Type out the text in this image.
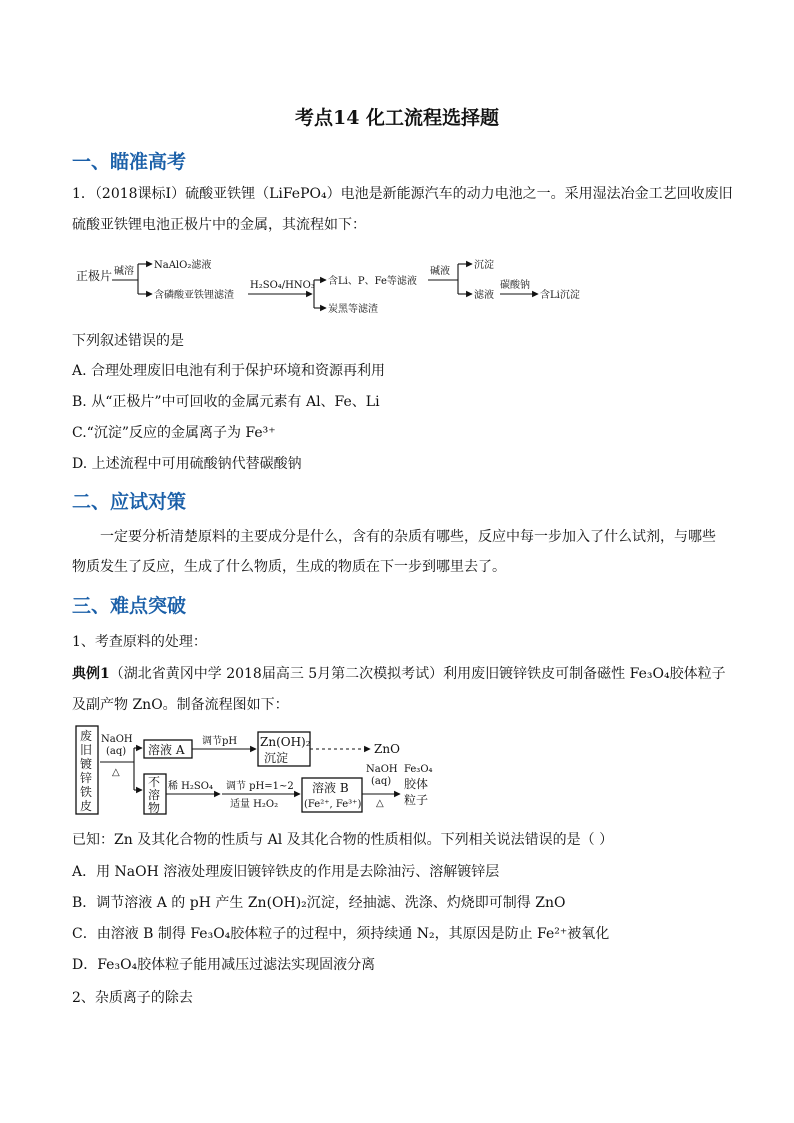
考点14 化工流程选择题
一、瞄准高考
1．（2018课标Ⅰ）硫酸亚铁锂（LiFePO₄）电池是新能源汽车的动力电池之一。采用湿法冶金工艺回收废旧
硫酸亚铁锂电池正极片中的金属，其流程如下：
正极片 碱溶
NaAlO₂滤液
含磷酸亚铁锂滤渣
H₂SO₄/HNO₃ 含Li、P、Fe等滤液
炭黑等滤渣
碱液
沉淀
滤液
碳酸钠
含Li沉淀
下列叙述错误的是
A. 合理处理废旧电池有利于保护环境和资源再利用
B. 从“正极片”中可回收的金属元素有 Al、Fe、Li
C.“沉淀”反应的金属离子为 Fe³⁺
D. 上述流程中可用硫酸钠代替碳酸钠
二、应试对策
一定要分析清楚原料的主要成分是什么，含有的杂质有哪些，反应中每一步加入了什么试剂，与哪些物质发生了反应，生成了什么物质，生成的物质在下一步到哪里去了。
三、难点突破
1、考查原料的处理：
典例1（湖北省黄冈中学 2018届高三 5月第二次模拟考试）利用废旧镀锌铁皮可制备磁性 Fe₃O₄胶体粒子
及副产物 ZnO。制备流程图如下：
废
旧
镀
锌
铁
皮
NaOH
(aq)
△
溶液 A
调节pH Zn(OH)₂
沉淀
ZnO
不
溶
物
稀 H₂SO₄ 调节 pH=1~2
适量 H₂O₂
溶液 B
(Fe²⁺, Fe³⁺)
NaOH
(aq)
△
Fe₃O₄
胶体
粒子
已知：Zn 及其化合物的性质与 Al 及其化合物的性质相似。下列相关说法错误的是（ ）
A．用 NaOH 溶液处理废旧镀锌铁皮的作用是去除油污、溶解镀锌层
B．调节溶液 A 的 pH 产生 Zn(OH)₂沉淀，经抽滤、洗涤、灼烧即可制得 ZnO
C．由溶液 B 制得 Fe₃O₄胶体粒子的过程中，须持续通 N₂，其原因是防止 Fe²⁺被氧化
D．Fe₃O₄胶体粒子能用减压过滤法实现固液分离
2、杂质离子的除去
